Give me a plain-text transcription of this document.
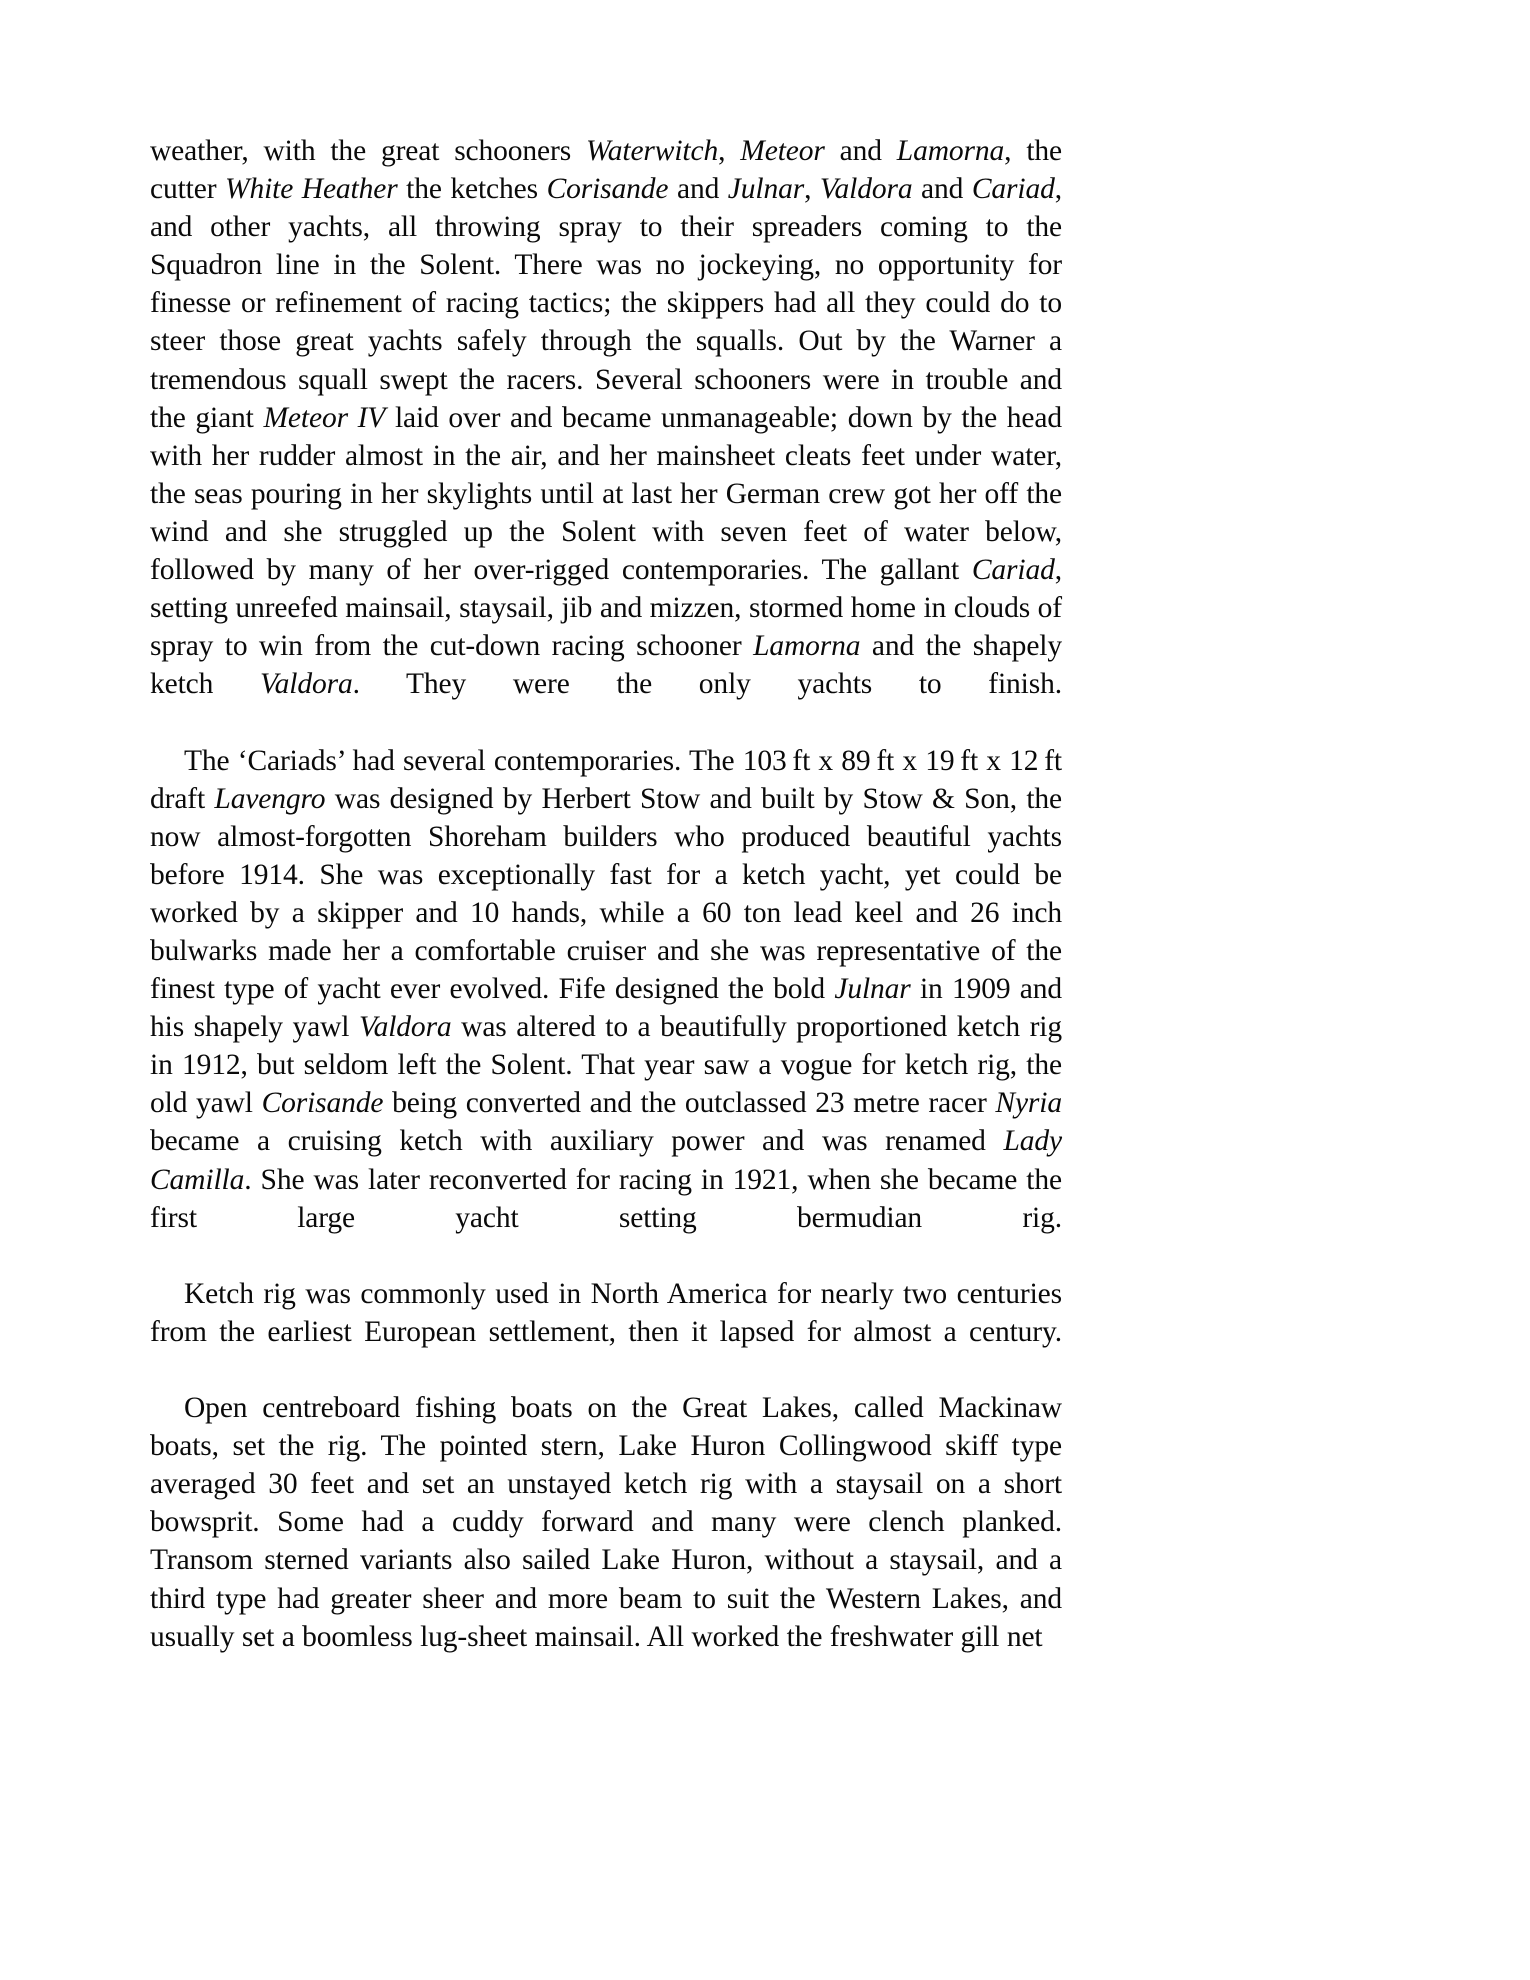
weather, with the great schooners Waterwitch, Meteor and Lamorna, the cutter White Heather the ketches Corisande and Julnar, Valdora and Cariad, and other yachts, all throwing spray to their spreaders coming to the Squadron line in the Solent. There was no jockeying, no opportunity for finesse or refinement of racing tactics; the skippers had all they could do to steer those great yachts safely through the squalls. Out by the Warner a tremendous squall swept the racers. Several schooners were in trouble and the giant Meteor IV laid over and became unmanageable; down by the head with her rudder almost in the air, and her mainsheet cleats feet under water, the seas pouring in her skylights until at last her German crew got her off the wind and she struggled up the Solent with seven feet of water below, followed by many of her over-rigged contemporaries. The gallant Cariad, setting unreefed mainsail, staysail, jib and mizzen, stormed home in clouds of spray to win from the cut-down racing schooner Lamorna and the shapely ketch Valdora. They were the only yachts to finish.

The ‘Cariads’ had several contemporaries. The 103 ft x 89 ft x 19 ft x 12 ft draft Lavengro was designed by Herbert Stow and built by Stow & Son, the now almost-forgotten Shoreham builders who produced beautiful yachts before 1914. She was exceptionally fast for a ketch yacht, yet could be worked by a skipper and 10 hands, while a 60 ton lead keel and 26 inch bulwarks made her a comfortable cruiser and she was representative of the finest type of yacht ever evolved. Fife designed the bold Julnar in 1909 and his shapely yawl Valdora was altered to a beautifully proportioned ketch rig in 1912, but seldom left the Solent. That year saw a vogue for ketch rig, the old yawl Corisande being converted and the outclassed 23 metre racer Nyria became a cruising ketch with auxiliary power and was renamed Lady Camilla. She was later reconverted for racing in 1921, when she became the first large yacht setting bermudian rig.

Ketch rig was commonly used in North America for nearly two centuries from the earliest European settlement, then it lapsed for almost a century.

Open centreboard fishing boats on the Great Lakes, called Mackinaw boats, set the rig. The pointed stern, Lake Huron Collingwood skiff type averaged 30 feet and set an unstayed ketch rig with a staysail on a short bowsprit. Some had a cuddy forward and many were clench planked. Transom sterned variants also sailed Lake Huron, without a staysail, and a third type had greater sheer and more beam to suit the Western Lakes, and usually set a boomless lug-sheet mainsail. All worked the freshwater gill net
